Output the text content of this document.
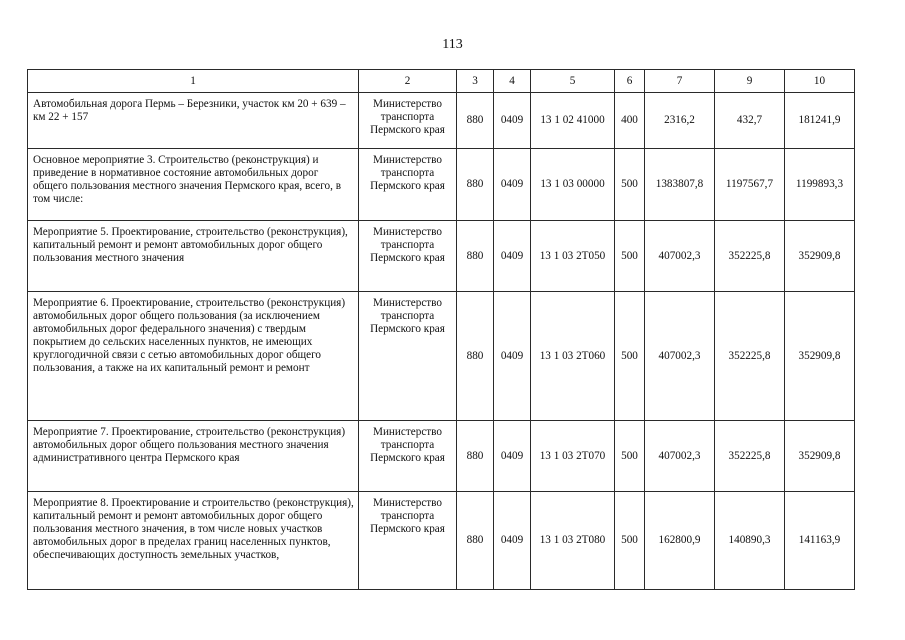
113
1	2	3	4	5	6	7	9	10
Автомобильная дорога Пермь – Березники, участок км 20 + 639 – км 22 + 157	Министерство транспорта Пермского края	880	0409	13 1 02 41000	400	2316,2	432,7	181241,9
Основное мероприятие 3. Строительство (реконструкция) и приведение в нормативное состояние автомобильных дорог общего пользования местного значения Пермского края, всего, в том числе:	Министерство транспорта Пермского края	880	0409	13 1 03 00000	500	1383807,8	1197567,7	1199893,3
Мероприятие 5. Проектирование, строительство (реконструкция), капитальный ремонт и ремонт автомобильных дорог общего пользования местного значения	Министерство транспорта Пермского края	880	0409	13 1 03 2Т050	500	407002,3	352225,8	352909,8
Мероприятие 6. Проектирование, строительство (реконструкция) автомобильных дорог общего пользования (за исключением автомобильных дорог федерального значения) с твердым покрытием до сельских населенных пунктов, не имеющих круглогодичной связи с сетью автомобильных дорог общего пользования, а также на их капитальный ремонт и ремонт	Министерство транспорта Пермского края	880	0409	13 1 03 2Т060	500	407002,3	352225,8	352909,8
Мероприятие 7. Проектирование, строительство (реконструкция) автомобильных дорог общего пользования местного значения административного центра Пермского края	Министерство транспорта Пермского края	880	0409	13 1 03 2Т070	500	407002,3	352225,8	352909,8
Мероприятие 8. Проектирование и строительство (реконструкция), капитальный ремонт и ремонт автомобильных дорог общего пользования местного значения, в том числе новых участков автомобильных дорог в пределах границ населенных пунктов, обеспечивающих доступность земельных участков,	Министерство транспорта Пермского края	880	0409	13 1 03 2Т080	500	162800,9	140890,3	141163,9
